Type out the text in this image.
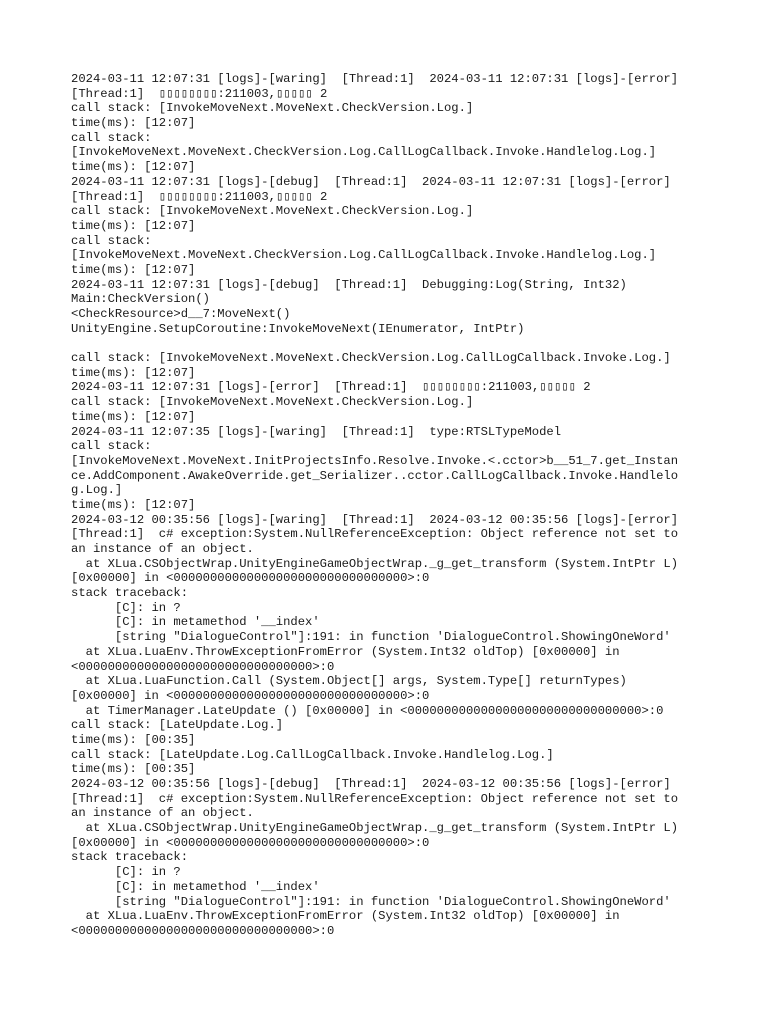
2024-03-11 12:07:31 [logs]-[waring]  [Thread:1]  2024-03-11 12:07:31 [logs]-[error]
[Thread:1]  ▯▯▯▯▯▯▯▯:211003,▯▯▯▯▯ 2
call stack: [InvokeMoveNext.MoveNext.CheckVersion.Log.]
time(ms): [12:07]
call stack:
[InvokeMoveNext.MoveNext.CheckVersion.Log.CallLogCallback.Invoke.Handlelog.Log.]
time(ms): [12:07]
2024-03-11 12:07:31 [logs]-[debug]  [Thread:1]  2024-03-11 12:07:31 [logs]-[error]
[Thread:1]  ▯▯▯▯▯▯▯▯:211003,▯▯▯▯▯ 2
call stack: [InvokeMoveNext.MoveNext.CheckVersion.Log.]
time(ms): [12:07]
call stack:
[InvokeMoveNext.MoveNext.CheckVersion.Log.CallLogCallback.Invoke.Handlelog.Log.]
time(ms): [12:07]
2024-03-11 12:07:31 [logs]-[debug]  [Thread:1]  Debugging:Log(String, Int32)
Main:CheckVersion()
<CheckResource>d__7:MoveNext()
UnityEngine.SetupCoroutine:InvokeMoveNext(IEnumerator, IntPtr)
call stack: [InvokeMoveNext.MoveNext.CheckVersion.Log.CallLogCallback.Invoke.Log.]
time(ms): [12:07]
2024-03-11 12:07:31 [logs]-[error]  [Thread:1]  ▯▯▯▯▯▯▯▯:211003,▯▯▯▯▯ 2
call stack: [InvokeMoveNext.MoveNext.CheckVersion.Log.]
time(ms): [12:07]
2024-03-11 12:07:35 [logs]-[waring]  [Thread:1]  type:RTSLTypeModel
call stack:
[InvokeMoveNext.MoveNext.InitProjectsInfo.Resolve.Invoke.<.cctor>b__51_7.get_Instan
ce.AddComponent.AwakeOverride.get_Serializer..cctor.CallLogCallback.Invoke.Handlelo
g.Log.]
time(ms): [12:07]
2024-03-12 00:35:56 [logs]-[waring]  [Thread:1]  2024-03-12 00:35:56 [logs]-[error]
[Thread:1]  c# exception:System.NullReferenceException: Object reference not set to
an instance of an object.
at XLua.CSObjectWrap.UnityEngineGameObjectWrap._g_get_transform (System.IntPtr L)
[0x00000] in <00000000000000000000000000000000>:0
stack traceback:
[C]: in ?
[C]: in metamethod '__index'
[string "DialogueControl"]:191: in function 'DialogueControl.ShowingOneWord'
at XLua.LuaEnv.ThrowExceptionFromError (System.Int32 oldTop) [0x00000] in
<00000000000000000000000000000000>:0
at XLua.LuaFunction.Call (System.Object[] args, System.Type[] returnTypes)
[0x00000] in <00000000000000000000000000000000>:0
at TimerManager.LateUpdate () [0x00000] in <00000000000000000000000000000000>:0
call stack: [LateUpdate.Log.]
time(ms): [00:35]
call stack: [LateUpdate.Log.CallLogCallback.Invoke.Handlelog.Log.]
time(ms): [00:35]
2024-03-12 00:35:56 [logs]-[debug]  [Thread:1]  2024-03-12 00:35:56 [logs]-[error]
[Thread:1]  c# exception:System.NullReferenceException: Object reference not set to
an instance of an object.
at XLua.CSObjectWrap.UnityEngineGameObjectWrap._g_get_transform (System.IntPtr L)
[0x00000] in <00000000000000000000000000000000>:0
stack traceback:
[C]: in ?
[C]: in metamethod '__index'
[string "DialogueControl"]:191: in function 'DialogueControl.ShowingOneWord'
at XLua.LuaEnv.ThrowExceptionFromError (System.Int32 oldTop) [0x00000] in
<00000000000000000000000000000000>:0
